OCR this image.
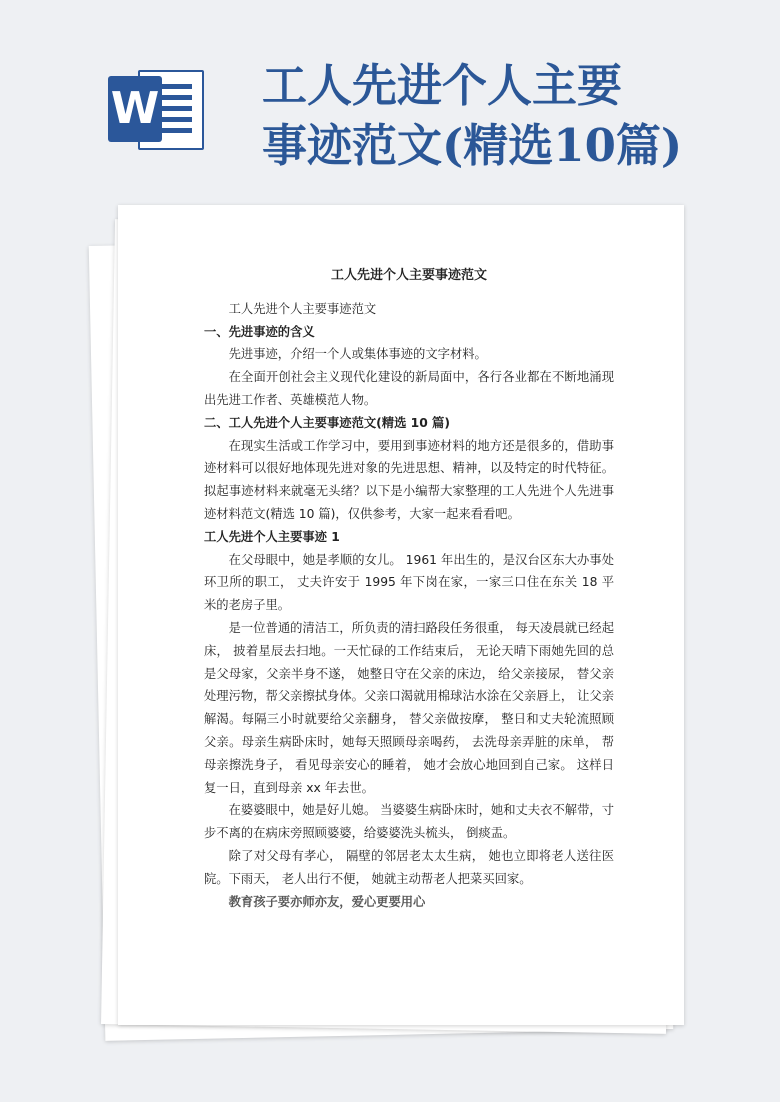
W 工人先进个人主要
事迹范文(精选10篇)
工人先进个人主要事迹范文

工人先进个人主要事迹范文

一、先进事迹的含义

先进事迹，介绍一个人或集体事迹的文字材料。

在全面开创社会主义现代化建设的新局面中，各行各业都在不断地涌现出先进工作者、英雄模范人物。

二、工人先进个人主要事迹范文(精选 10 篇)

在现实生活或工作学习中，要用到事迹材料的地方还是很多的，借助事迹材料可以很好地体现先进对象的先进思想、精神，以及特定的时代特征。拟起事迹材料来就毫无头绪？以下是小编帮大家整理的工人先进个人先进事迹材料范文(精选 10 篇)，仅供参考，大家一起来看看吧。

工人先进个人主要事迹 1

在父母眼中，她是孝顺的女儿。 1961 年出生的，是汉台区东大办事处环卫所的职工， 丈夫许安于 1995 年下岗在家，一家三口住在东关 18 平米的老房子里。

是一位普通的清洁工，所负责的清扫路段任务很重， 每天凌晨就已经起床， 披着星辰去扫地。一天忙碌的工作结束后， 无论天晴下雨她先回的总是父母家，父亲半身不遂， 她整日守在父亲的床边， 给父亲接尿， 替父亲处理污物，帮父亲擦拭身体。父亲口渴就用棉球沾水涂在父亲唇上， 让父亲解渴。每隔三小时就要给父亲翻身， 替父亲做按摩， 整日和丈夫轮流照顾父亲。母亲生病卧床时，她每天照顾母亲喝药， 去洗母亲弄脏的床单， 帮母亲擦洗身子， 看见母亲安心的睡着， 她才会放心地回到自己家。 这样日复一日，直到母亲 xx 年去世。

在婆婆眼中，她是好儿媳。 当婆婆生病卧床时，她和丈夫衣不解带，寸步不离的在病床旁照顾婆婆，给婆婆洗头梳头， 倒痰盂。

除了对父母有孝心， 隔壁的邻居老太太生病， 她也立即将老人送往医院。下雨天， 老人出行不便， 她就主动帮老人把菜买回家。

教育孩子要亦师亦友，爱心更要用心
